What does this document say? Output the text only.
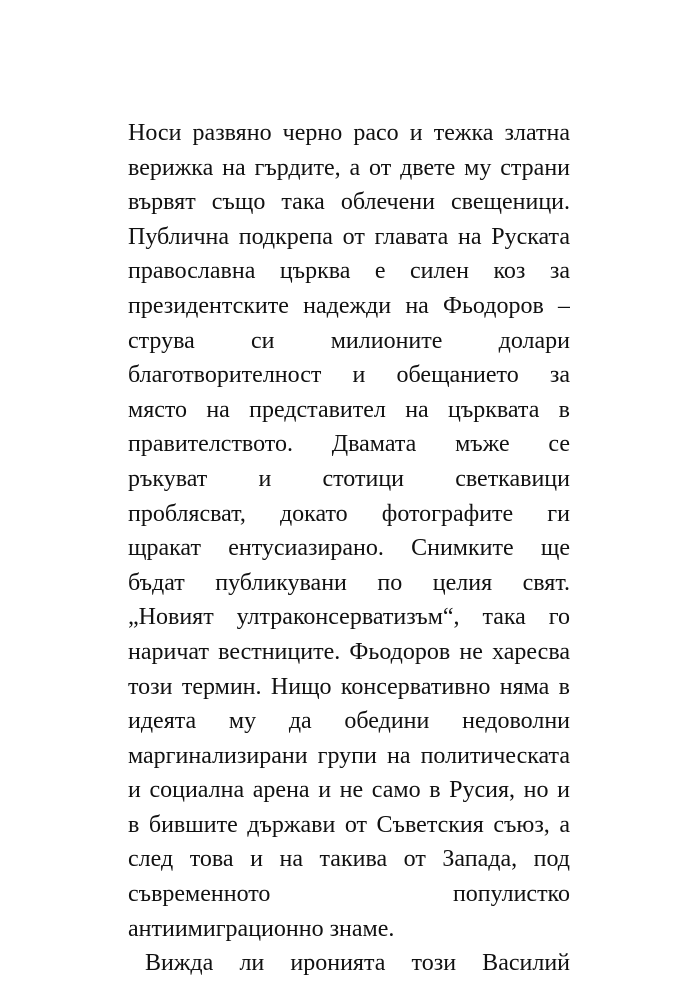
Носи развяно черно расо и тежка златна
верижка на гърдите, а от двете му страни
вървят също така облечени свещеници.
Публична подкрепа от главата на Руската
православна църква е силен коз за
президентските надежди на Фьодоров –
струва си милионите долари
благотворителност и обещанието за
място на представител на църквата в
правителството. Двамата мъже се
ръкуват и стотици светкавици
проблясват, докато фотографите ги
щракат ентусиазирано. Снимките ще
бъдат публикувани по целия свят.
„Новият ултраконсерватизъм“, така го
наричат вестниците. Фьодоров не харесва
този термин. Нищо консервативно няма в
идеята му да обедини недоволни
маргинализирани групи на политическата
и социална арена и не само в Русия, но и
в бившите държави от Съветския съюз, а
след това и на такива от Запада, под
съвременното популистко
антиимиграционно знаме.
Вижда ли иронията този Василий
